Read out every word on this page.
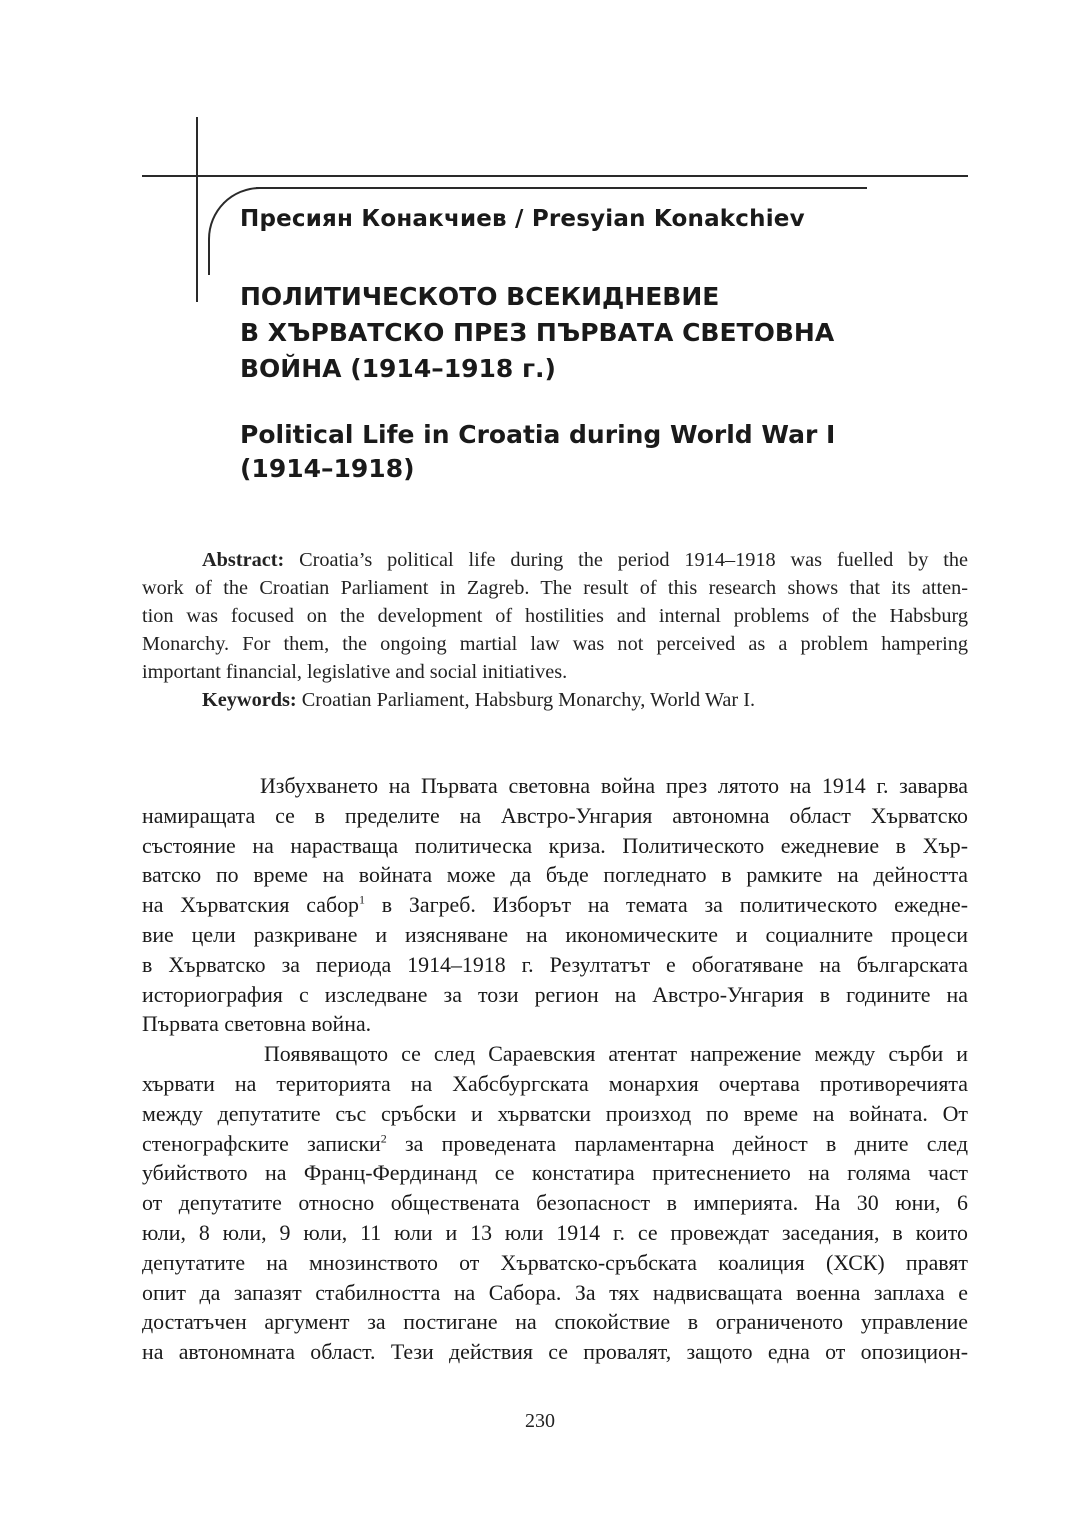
Пресиян Конакчиев / Presyian Konakchiev
ПОЛИТИЧЕСКОТО ВСЕКИДНЕВИЕ
В ХЪРВАТСКО ПРЕЗ ПЪРВАТА СВЕТОВНА
ВОЙНА (1914–1918 г.)
Political Life in Croatia during World War I
(1914–1918)
Abstract: Croatia’s political life during the period 1914–1918 was fuelled by the
work of the Croatian Parliament in Zagreb. The result of this research shows that its atten-
tion was focused on the development of hostilities and internal problems of the Habsburg
Monarchy. For them, the ongoing martial law was not perceived as a problem hampering
important financial, legislative and social initiatives.
Keywords: Croatian Parliament, Habsburg Monarchy, World War I.
Избухването на Първата световна война през лятото на 1914 г. заварва
намиращата се в пределите на Австро-Унгария автономна област Хърватско
състояние на нарастваща политическа криза. Политическото ежедневие в Хър-
ватско по време на войната може да бъде погледнато в рамките на дейността
на Хърватския сабор$^1$ в Загреб. Изборът на темата за политическото ежедне-
вие цели разкриване и изясняване на икономическите и социалните процеси
в Хърватско за периода 1914–1918 г. Резултатът е обогатяване на българската
историография с изследване за този регион на Австро-Унгария в годините на
Първата световна война.
Появяващото се след Сараевския атентат напрежение между сърби и
хървати на територията на Хабсбургската монархия очертава противоречията
между депутатите със сръбски и хърватски произход по време на войната. От
стенографските записки$^2$ за проведената парламентарна дейност в дните след
убийството на Франц-Фердинанд се констатира притеснението на голяма част
от депутатите относно обществената безопасност в империята. На 30 юни, 6
юли, 8 юли, 9 юли, 11 юли и 13 юли 1914 г. се провеждат заседания, в които
депутатите на мнозинството от Хърватско-сръбската коалиция (ХСК) правят
опит да запазят стабилността на Сабора. За тях надвисващата военна заплаха е
достатъчен аргумент за постигане на спокойствие в ограниченото управление
на автономната област. Тези действия се провалят, защото една от опозицион-
230
